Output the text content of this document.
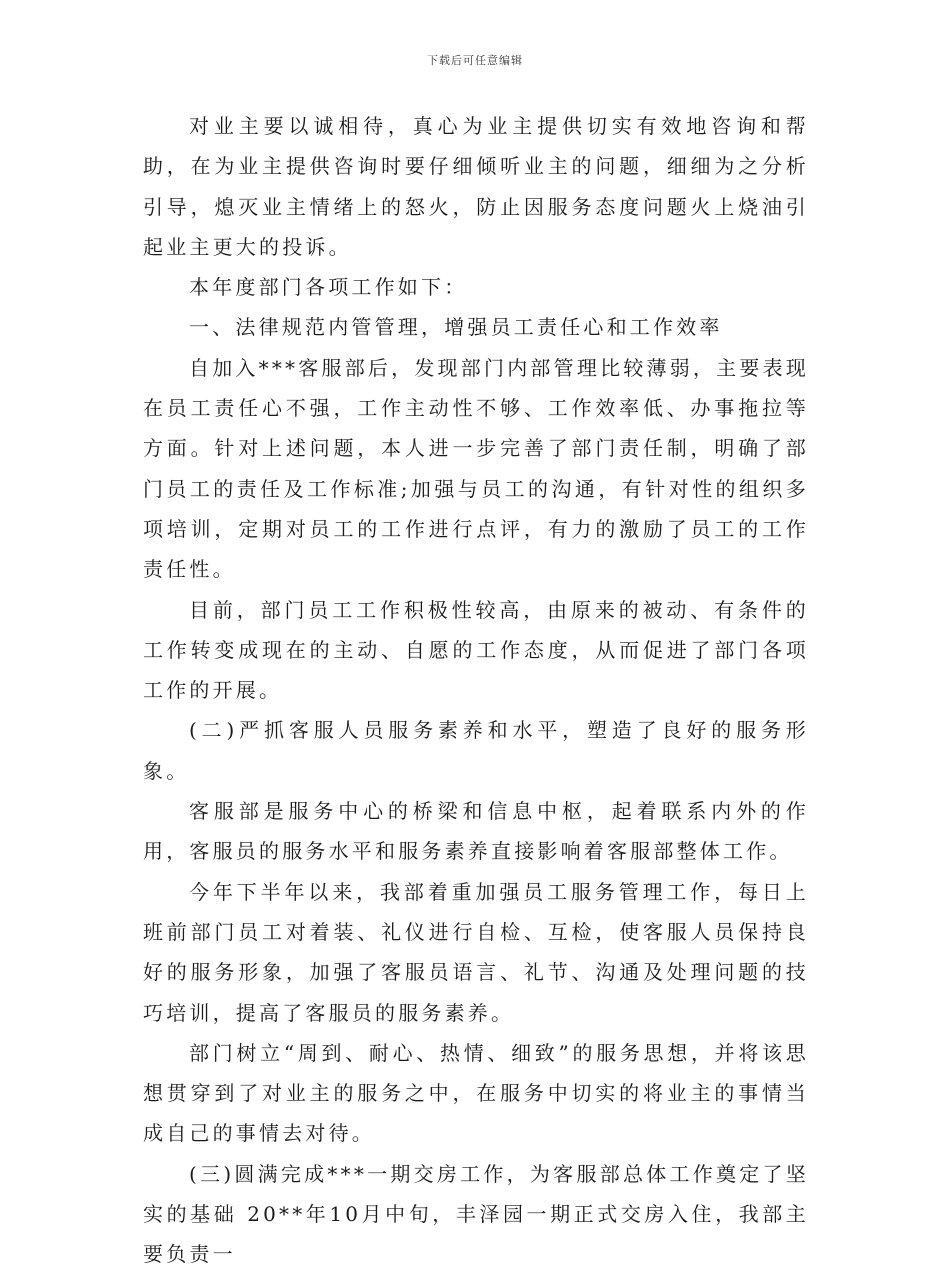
下载后可任意编辑

对业主要以诚相待，真心为业主提供切实有效地咨询和帮助，在为业主提供咨询时要仔细倾听业主的问题，细细为之分析引导，熄灭业主情绪上的怒火，防止因服务态度问题火上烧油引起业主更大的投诉。

本年度部门各项工作如下：

一、法律规范内管管理，增强员工责任心和工作效率

自加入***客服部后，发现部门内部管理比较薄弱，主要表现在员工责任心不强，工作主动性不够、工作效率低、办事拖拉等方面。针对上述问题，本人进一步完善了部门责任制，明确了部门员工的责任及工作标准;加强与员工的沟通，有针对性的组织多项培训，定期对员工的工作进行点评，有力的激励了员工的工作责任性。

目前，部门员工工作积极性较高，由原来的被动、有条件的工作转变成现在的主动、自愿的工作态度，从而促进了部门各项工作的开展。

(二)严抓客服人员服务素养和水平，塑造了良好的服务形象。

客服部是服务中心的桥梁和信息中枢，起着联系内外的作用，客服员的服务水平和服务素养直接影响着客服部整体工作。

今年下半年以来，我部着重加强员工服务管理工作，每日上班前部门员工对着装、礼仪进行自检、互检，使客服人员保持良好的服务形象，加强了客服员语言、礼节、沟通及处理问题的技巧培训，提高了客服员的服务素养。

部门树立“周到、耐心、热情、细致”的服务思想，并将该思想贯穿到了对业主的服务之中，在服务中切实的将业主的事情当成自己的事情去对待。

(三)圆满完成***一期交房工作，为客服部总体工作奠定了坚实的基础 20**年10月中旬，丰泽园一期正式交房入住，我部主要负责一
